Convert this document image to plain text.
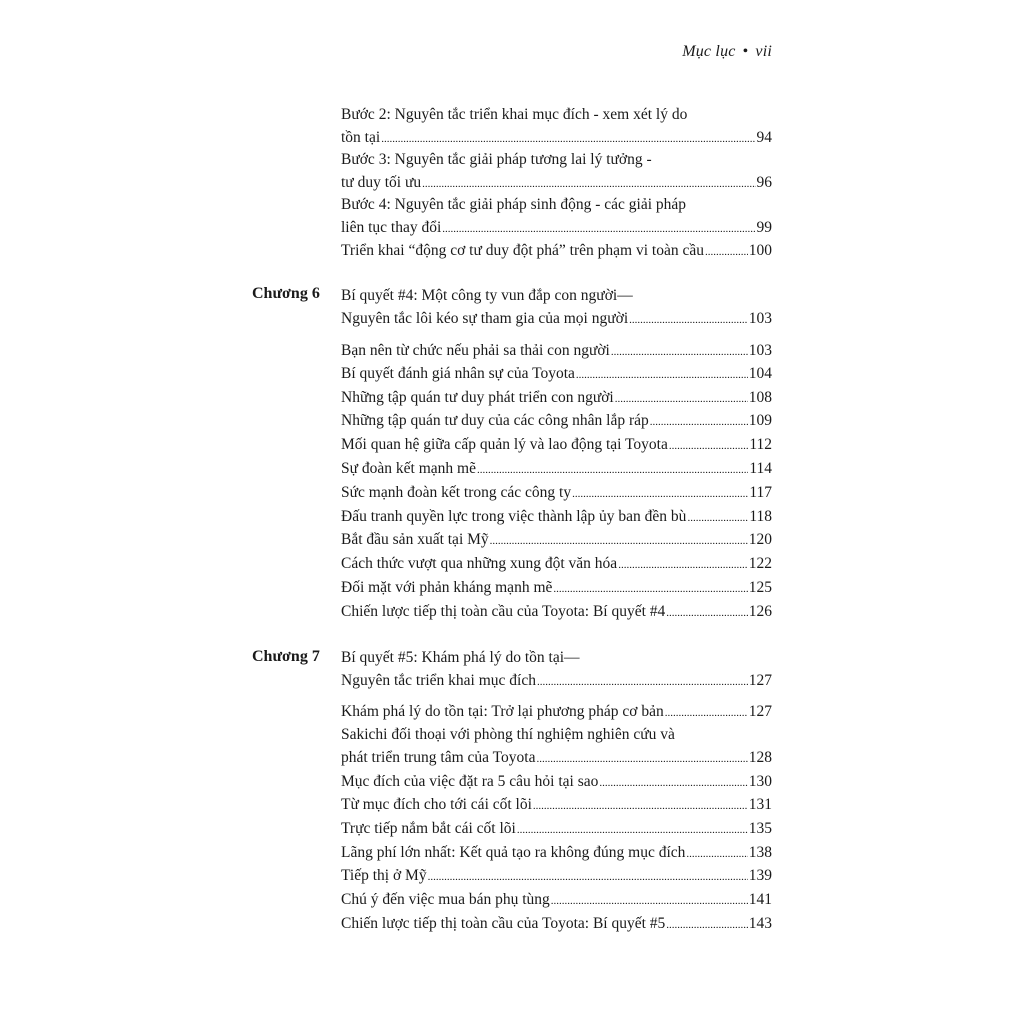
Mục lục • vii
Bước 2: Nguyên tắc triển khai mục đích - xem xét lý do
tồn tại .....	94
Bước 3: Nguyên tắc giải pháp tương lai lý tưởng -
tư duy tối ưu .....	96
Bước 4: Nguyên tắc giải pháp sinh động - các giải pháp
liên tục thay đổi .....	99
Triển khai “động cơ tư duy đột phá” trên phạm vi toàn cầu .....	100
Chương 6 Bí quyết #4: Một công ty vun đắp con người—
Nguyên tắc lôi kéo sự tham gia của mọi người .....	103
Bạn nên từ chức nếu phải sa thải con người .....	103
Bí quyết đánh giá nhân sự của Toyota .....	104
Những tập quán tư duy phát triển con người .....	108
Những tập quán tư duy của các công nhân lắp ráp .....	109
Mối quan hệ giữa cấp quản lý và lao động tại Toyota .....	112
Sự đoàn kết mạnh mẽ .....	114
Sức mạnh đoàn kết trong các công ty .....	117
Đấu tranh quyền lực trong việc thành lập ủy ban đền bù .....	118
Bắt đầu sản xuất tại Mỹ .....	120
Cách thức vượt qua những xung đột văn hóa .....	122
Đối mặt với phản kháng mạnh mẽ .....	125
Chiến lược tiếp thị toàn cầu của Toyota: Bí quyết #4 .....	126
Chương 7 Bí quyết #5: Khám phá lý do tồn tại—
Nguyên tắc triển khai mục đích .....	127
Khám phá lý do tồn tại: Trở lại phương pháp cơ bản .....	127
Sakichi đối thoại với phòng thí nghiệm nghiên cứu và
phát triển trung tâm của Toyota .....	128
Mục đích của việc đặt ra 5 câu hỏi tại sao .....	130
Từ mục đích cho tới cái cốt lõi .....	131
Trực tiếp nắm bắt cái cốt lõi .....	135
Lãng phí lớn nhất: Kết quả tạo ra không đúng mục đích .....	138
Tiếp thị ở Mỹ .....	139
Chú ý đến việc mua bán phụ tùng .....	141
Chiến lược tiếp thị toàn cầu của Toyota: Bí quyết #5 .....	143
